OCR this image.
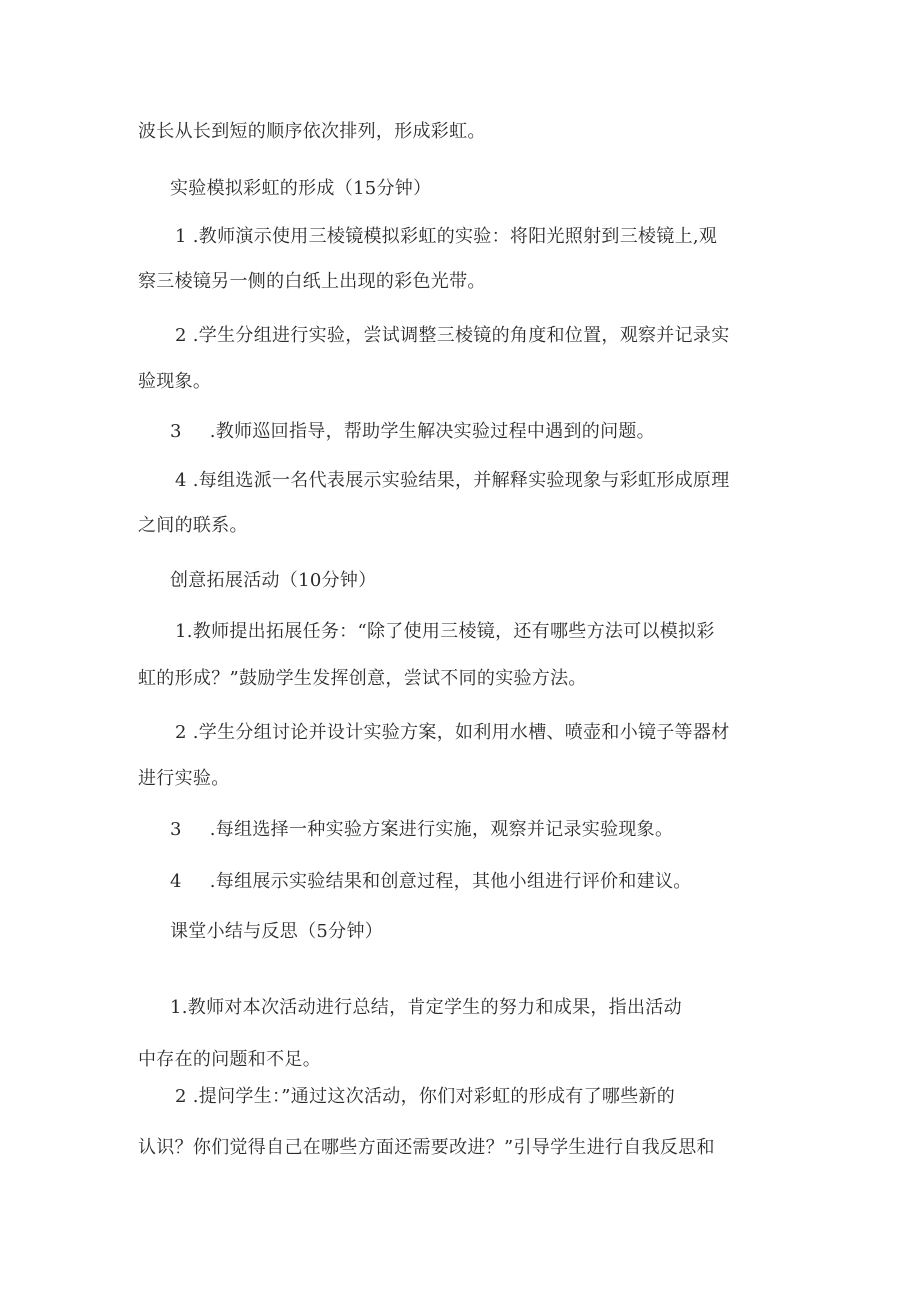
波长从长到短的顺序依次排列，形成彩虹。

实验模拟彩虹的形成（15分钟）

1 .教师演示使用三棱镜模拟彩虹的实验：将阳光照射到三棱镜上,观

察三棱镜另一侧的白纸上出现的彩色光带。

2 .学生分组进行实验，尝试调整三棱镜的角度和位置，观察并记录实

验现象。

3 .教师巡回指导，帮助学生解决实验过程中遇到的问题。

4 .每组选派一名代表展示实验结果，并解释实验现象与彩虹形成原理

之间的联系。

创意拓展活动（10分钟）

1.教师提出拓展任务：“除了使用三棱镜，还有哪些方法可以模拟彩

虹的形成？”鼓励学生发挥创意，尝试不同的实验方法。

2 .学生分组讨论并设计实验方案，如利用水槽、喷壶和小镜子等器材

进行实验。

3 .每组选择一种实验方案进行实施，观察并记录实验现象。

4 .每组展示实验结果和创意过程，其他小组进行评价和建议。

课堂小结与反思（5分钟）

1.教师对本次活动进行总结，肯定学生的努力和成果，指出活动

中存在的问题和不足。

2 .提问学生：”通过这次活动，你们对彩虹的形成有了哪些新的

认识？你们觉得自己在哪些方面还需要改进？”引导学生进行自我反思和
